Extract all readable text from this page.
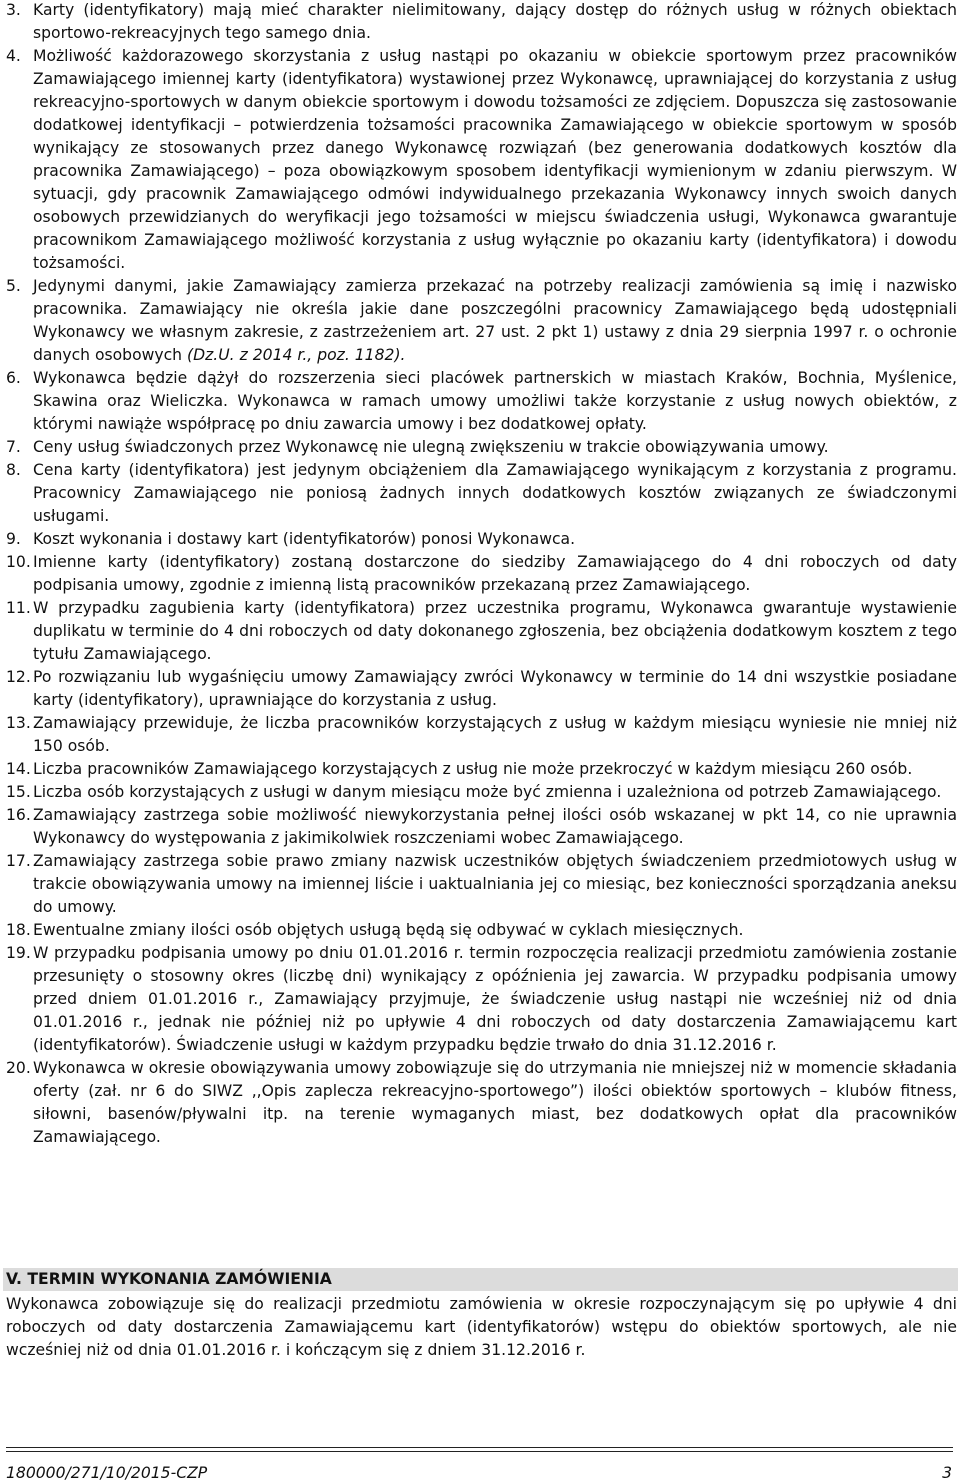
3. Karty (identyfikatory) mają mieć charakter nielimitowany, dający dostęp do różnych usług w różnych obiektach sportowo-rekreacyjnych tego samego dnia.
4. Możliwość każdorazowego skorzystania z usług nastąpi po okazaniu w obiekcie sportowym przez pracowników Zamawiającego imiennej karty (identyfikatora) wystawionej przez Wykonawcę, uprawniającej do korzystania z usług rekreacyjno-sportowych w danym obiekcie sportowym i dowodu tożsamości ze zdjęciem. Dopuszcza się zastosowanie dodatkowej identyfikacji – potwierdzenia tożsamości pracownika Zamawiającego w obiekcie sportowym w sposób wynikający ze stosowanych przez danego Wykonawcę rozwiązań (bez generowania dodatkowych kosztów dla pracownika Zamawiającego) – poza obowiązkowym sposobem identyfikacji wymienionym w zdaniu pierwszym. W sytuacji, gdy pracownik Zamawiającego odmówi indywidualnego przekazania Wykonawcy innych swoich danych osobowych przewidzianych do weryfikacji jego tożsamości w miejscu świadczenia usługi, Wykonawca gwarantuje pracownikom Zamawiającego możliwość korzystania z usług wyłącznie po okazaniu karty (identyfikatora) i dowodu tożsamości.
5. Jedynymi danymi, jakie Zamawiający zamierza przekazać na potrzeby realizacji zamówienia są imię i nazwisko pracownika. Zamawiający nie określa jakie dane poszczególni pracownicy Zamawiającego będą udostępniali Wykonawcy we własnym zakresie, z zastrzeżeniem art. 27 ust. 2 pkt 1) ustawy z dnia 29 sierpnia 1997 r. o ochronie danych osobowych (Dz.U. z 2014 r., poz. 1182).
6. Wykonawca będzie dążył do rozszerzenia sieci placówek partnerskich w miastach Kraków, Bochnia, Myślenice, Skawina oraz Wieliczka. Wykonawca w ramach umowy umożliwi także korzystanie z usług nowych obiektów, z którymi nawiąże współpracę po dniu zawarcia umowy i bez dodatkowej opłaty.
7. Ceny usług świadczonych przez Wykonawcę nie ulegną zwiększeniu w trakcie obowiązywania umowy.
8. Cena karty (identyfikatora) jest jedynym obciążeniem dla Zamawiającego wynikającym z korzystania z programu. Pracownicy Zamawiającego nie poniosą żadnych innych dodatkowych kosztów związanych ze świadczonymi usługami.
9. Koszt wykonania i dostawy kart (identyfikatorów) ponosi Wykonawca.
10. Imienne karty (identyfikatory) zostaną dostarczone do siedziby Zamawiającego do 4 dni roboczych od daty podpisania umowy, zgodnie z imienną listą pracowników przekazaną przez Zamawiającego.
11. W przypadku zagubienia karty (identyfikatora) przez uczestnika programu, Wykonawca gwarantuje wystawienie duplikatu w terminie do 4 dni roboczych od daty dokonanego zgłoszenia, bez obciążenia dodatkowym kosztem z tego tytułu Zamawiającego.
12. Po rozwiązaniu lub wygaśnięciu umowy Zamawiający zwróci Wykonawcy w terminie do 14 dni wszystkie posiadane karty (identyfikatory), uprawniające do korzystania z usług.
13. Zamawiający przewiduje, że liczba pracowników korzystających z usług w każdym miesiącu wyniesie nie mniej niż 150 osób.
14. Liczba pracowników Zamawiającego korzystających z usług nie może przekroczyć w każdym miesiącu 260 osób.
15. Liczba osób korzystających z usługi w danym miesiącu może być zmienna i uzależniona od potrzeb Zamawiającego.
16. Zamawiający zastrzega sobie możliwość niewykorzystania pełnej ilości osób wskazanej w pkt 14, co nie uprawnia Wykonawcy do występowania z jakimikolwiek roszczeniami wobec Zamawiającego.
17. Zamawiający zastrzega sobie prawo zmiany nazwisk uczestników objętych świadczeniem przedmiotowych usług w trakcie obowiązywania umowy na imiennej liście i uaktualniania jej co miesiąc, bez konieczności sporządzania aneksu do umowy.
18. Ewentualne zmiany ilości osób objętych usługą będą się odbywać w cyklach miesięcznych.
19. W przypadku podpisania umowy po dniu 01.01.2016 r. termin rozpoczęcia realizacji przedmiotu zamówienia zostanie przesunięty o stosowny okres (liczbę dni) wynikający z opóźnienia jej zawarcia. W przypadku podpisania umowy przed dniem 01.01.2016 r., Zamawiający przyjmuje, że świadczenie usług nastąpi nie wcześniej niż od dnia 01.01.2016 r., jednak nie później niż po upływie 4 dni roboczych od daty dostarczenia Zamawiającemu kart (identyfikatorów). Świadczenie usługi w każdym przypadku będzie trwało do dnia 31.12.2016 r.
20. Wykonawca w okresie obowiązywania umowy zobowiązuje się do utrzymania nie mniejszej niż w momencie składania oferty (zał. nr 6 do SIWZ ,,Opis zaplecza rekreacyjno-sportowego”) ilości obiektów sportowych – klubów fitness, siłowni, basenów/pływalni itp. na terenie wymaganych miast, bez dodatkowych opłat dla pracowników Zamawiającego.
V. TERMIN WYKONANIA ZAMÓWIENIA
Wykonawca zobowiązuje się do realizacji przedmiotu zamówienia w okresie rozpoczynającym się po upływie 4 dni roboczych od daty dostarczenia Zamawiającemu kart (identyfikatorów) wstępu do obiektów sportowych, ale nie wcześniej niż od dnia 01.01.2016 r. i kończącym się z dniem 31.12.2016 r.
180000/271/10/2015-CZP	3
